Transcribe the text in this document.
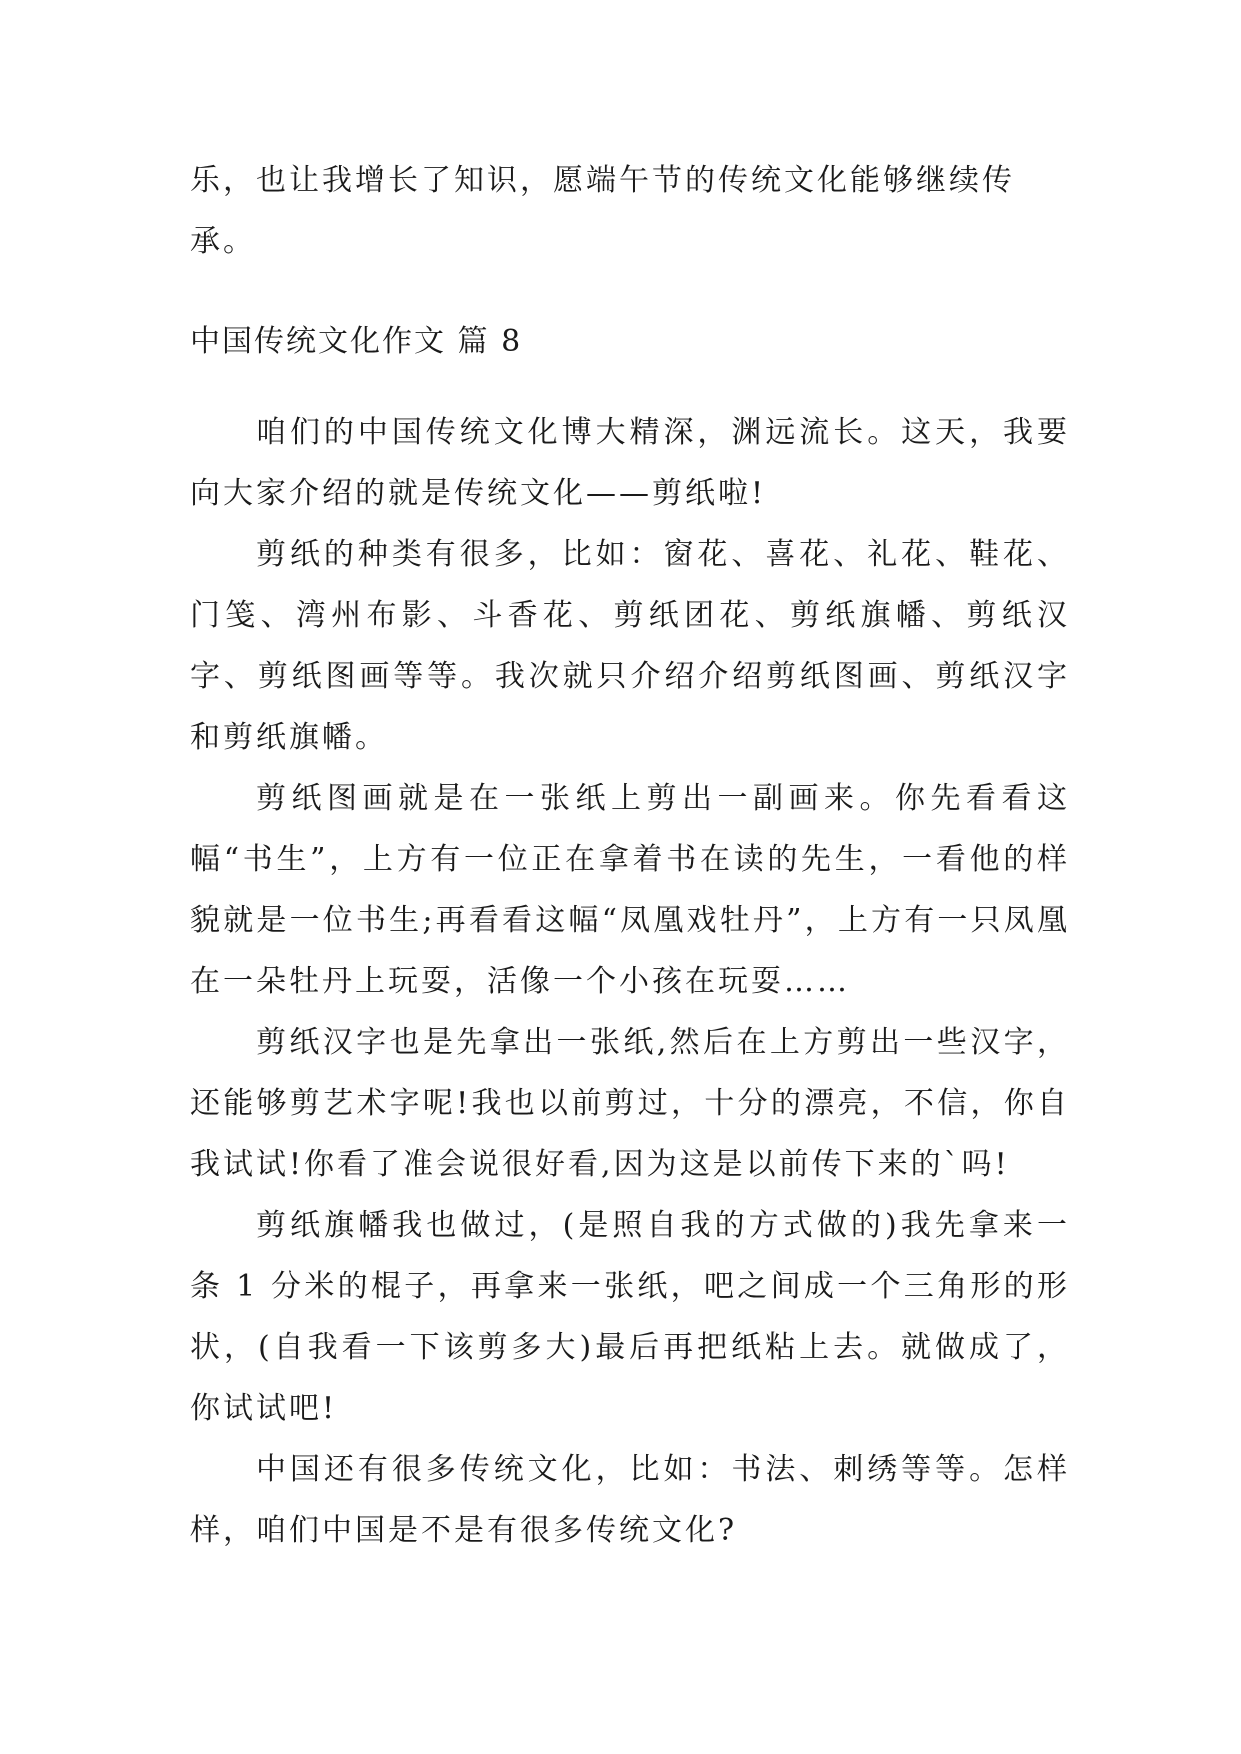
乐，也让我增长了知识，愿端午节的传统文化能够继续传承。

中国传统文化作文 篇 8

咱们的中国传统文化博大精深，渊远流长。这天，我要向大家介绍的就是传统文化——剪纸啦!

剪纸的种类有很多，比如：窗花、喜花、礼花、鞋花、门笺、湾州布影、斗香花、剪纸团花、剪纸旗幡、剪纸汉字、剪纸图画等等。我次就只介绍介绍剪纸图画、剪纸汉字和剪纸旗幡。

剪纸图画就是在一张纸上剪出一副画来。你先看看这幅“书生”，上方有一位正在拿着书在读的先生，一看他的样貌就是一位书生;再看看这幅“凤凰戏牡丹”，上方有一只凤凰在一朵牡丹上玩耍，活像一个小孩在玩耍……

剪纸汉字也是先拿出一张纸,然后在上方剪出一些汉字，还能够剪艺术字呢!我也以前剪过，十分的漂亮，不信，你自我试试!你看了准会说很好看,因为这是以前传下来的`吗!

剪纸旗幡我也做过，(是照自我的方式做的)我先拿来一条 1 分米的棍子，再拿来一张纸，吧之间成一个三角形的形状，(自我看一下该剪多大)最后再把纸粘上去。就做成了，你试试吧!

中国还有很多传统文化，比如：书法、刺绣等等。怎样样，咱们中国是不是有很多传统文化?
